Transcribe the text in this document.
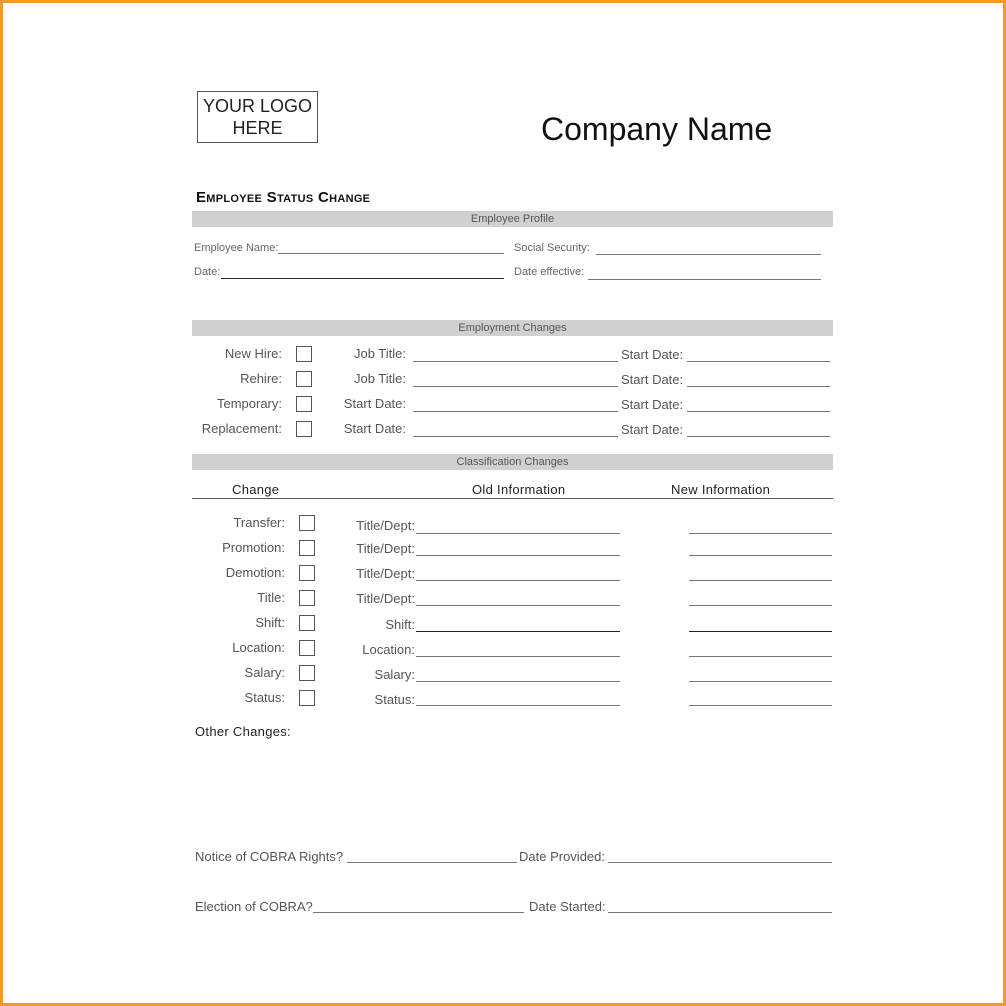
YOUR LOGO
HERE	Company Name
Employee Status Change
Employee Profile
Employee Name:	Social Security:
Date:	Date effective:
Employment Changes
New Hire:	Job Title:	Start Date:
Rehire:	Job Title:	Start Date:
Temporary:	Start Date:	Start Date:
Replacement:	Start Date:	Start Date:
Classification Changes
Change	Old Information	New Information
Transfer:	Title/Dept:
Promotion:	Title/Dept:
Demotion:	Title/Dept:
Title:	Title/Dept:
Shift:	Shift:
Location:	Location:
Salary:	Salary:
Status:	Status:
Other Changes:
Notice of COBRA Rights?	Date Provided:
Election of COBRA?	Date Started:
